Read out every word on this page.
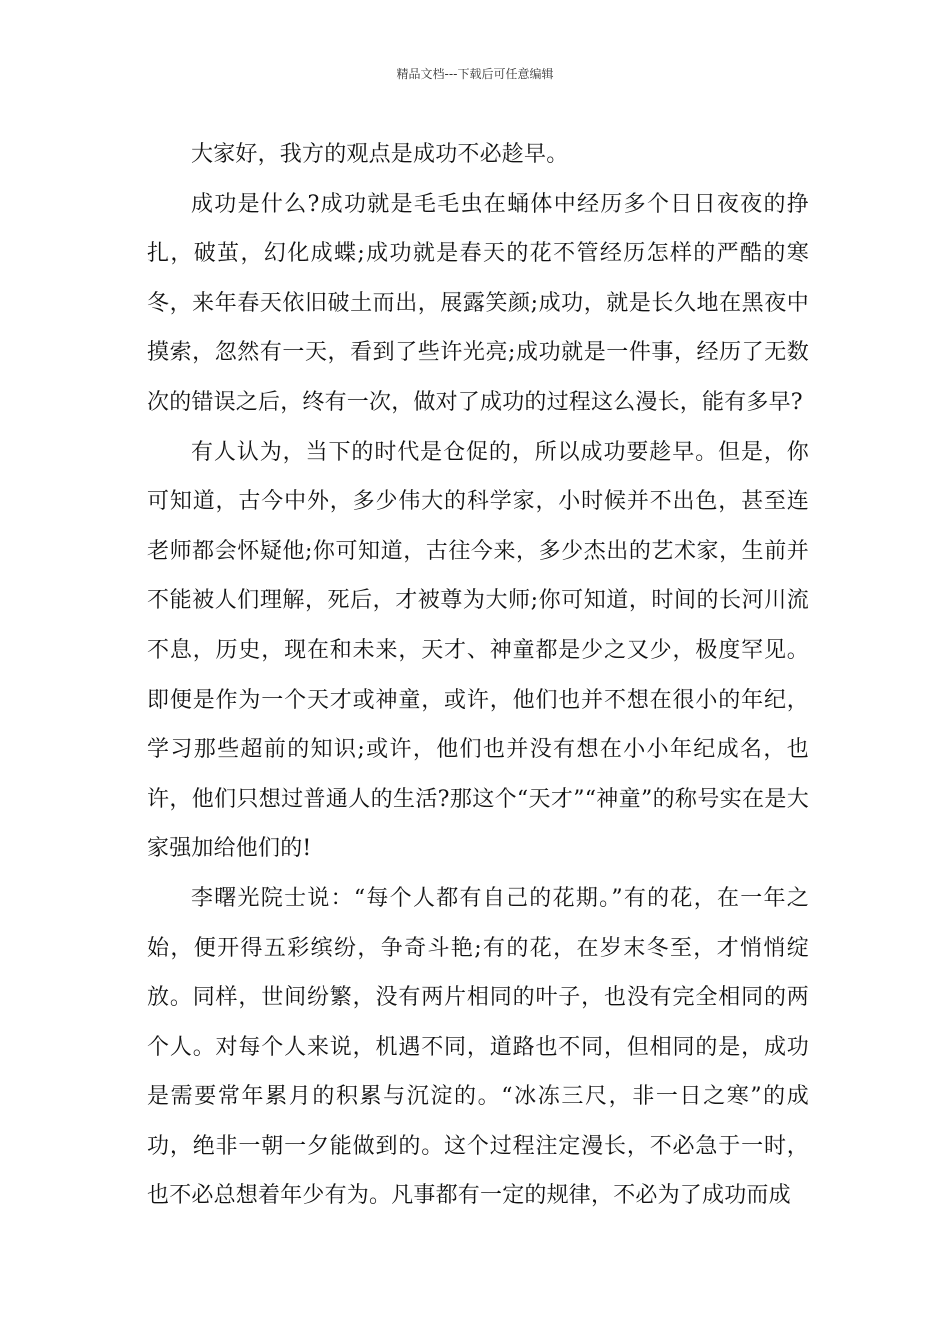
精品文档---下载后可任意编辑

大家好，我方的观点是成功不必趁早。

成功是什么?成功就是毛毛虫在蛹体中经历多个日日夜夜的挣扎，破茧，幻化成蝶;成功就是春天的花不管经历怎样的严酷的寒冬，来年春天依旧破土而出，展露笑颜;成功，就是长久地在黑夜中摸索，忽然有一天，看到了些许光亮;成功就是一件事，经历了无数次的错误之后，终有一次，做对了成功的过程这么漫长，能有多早?

有人认为，当下的时代是仓促的，所以成功要趁早。但是，你可知道，古今中外，多少伟大的科学家，小时候并不出色，甚至连老师都会怀疑他;你可知道，古往今来，多少杰出的艺术家，生前并不能被人们理解，死后，才被尊为大师;你可知道，时间的长河川流不息，历史，现在和未来，天才、神童都是少之又少，极度罕见。即便是作为一个天才或神童，或许，他们也并不想在很小的年纪，学习那些超前的知识;或许，他们也并没有想在小小年纪成名，也许，他们只想过普通人的生活?那这个“天才”“神童”的称号实在是大家强加给他们的!

李曙光院士说：“每个人都有自己的花期。”有的花，在一年之始，便开得五彩缤纷，争奇斗艳;有的花，在岁末冬至，才悄悄绽放。同样，世间纷繁，没有两片相同的叶子，也没有完全相同的两个人。对每个人来说，机遇不同，道路也不同，但相同的是，成功是需要常年累月的积累与沉淀的。“冰冻三尺，非一日之寒”的成功，绝非一朝一夕能做到的。这个过程注定漫长，不必急于一时，也不必总想着年少有为。凡事都有一定的规律，不必为了成功而成
